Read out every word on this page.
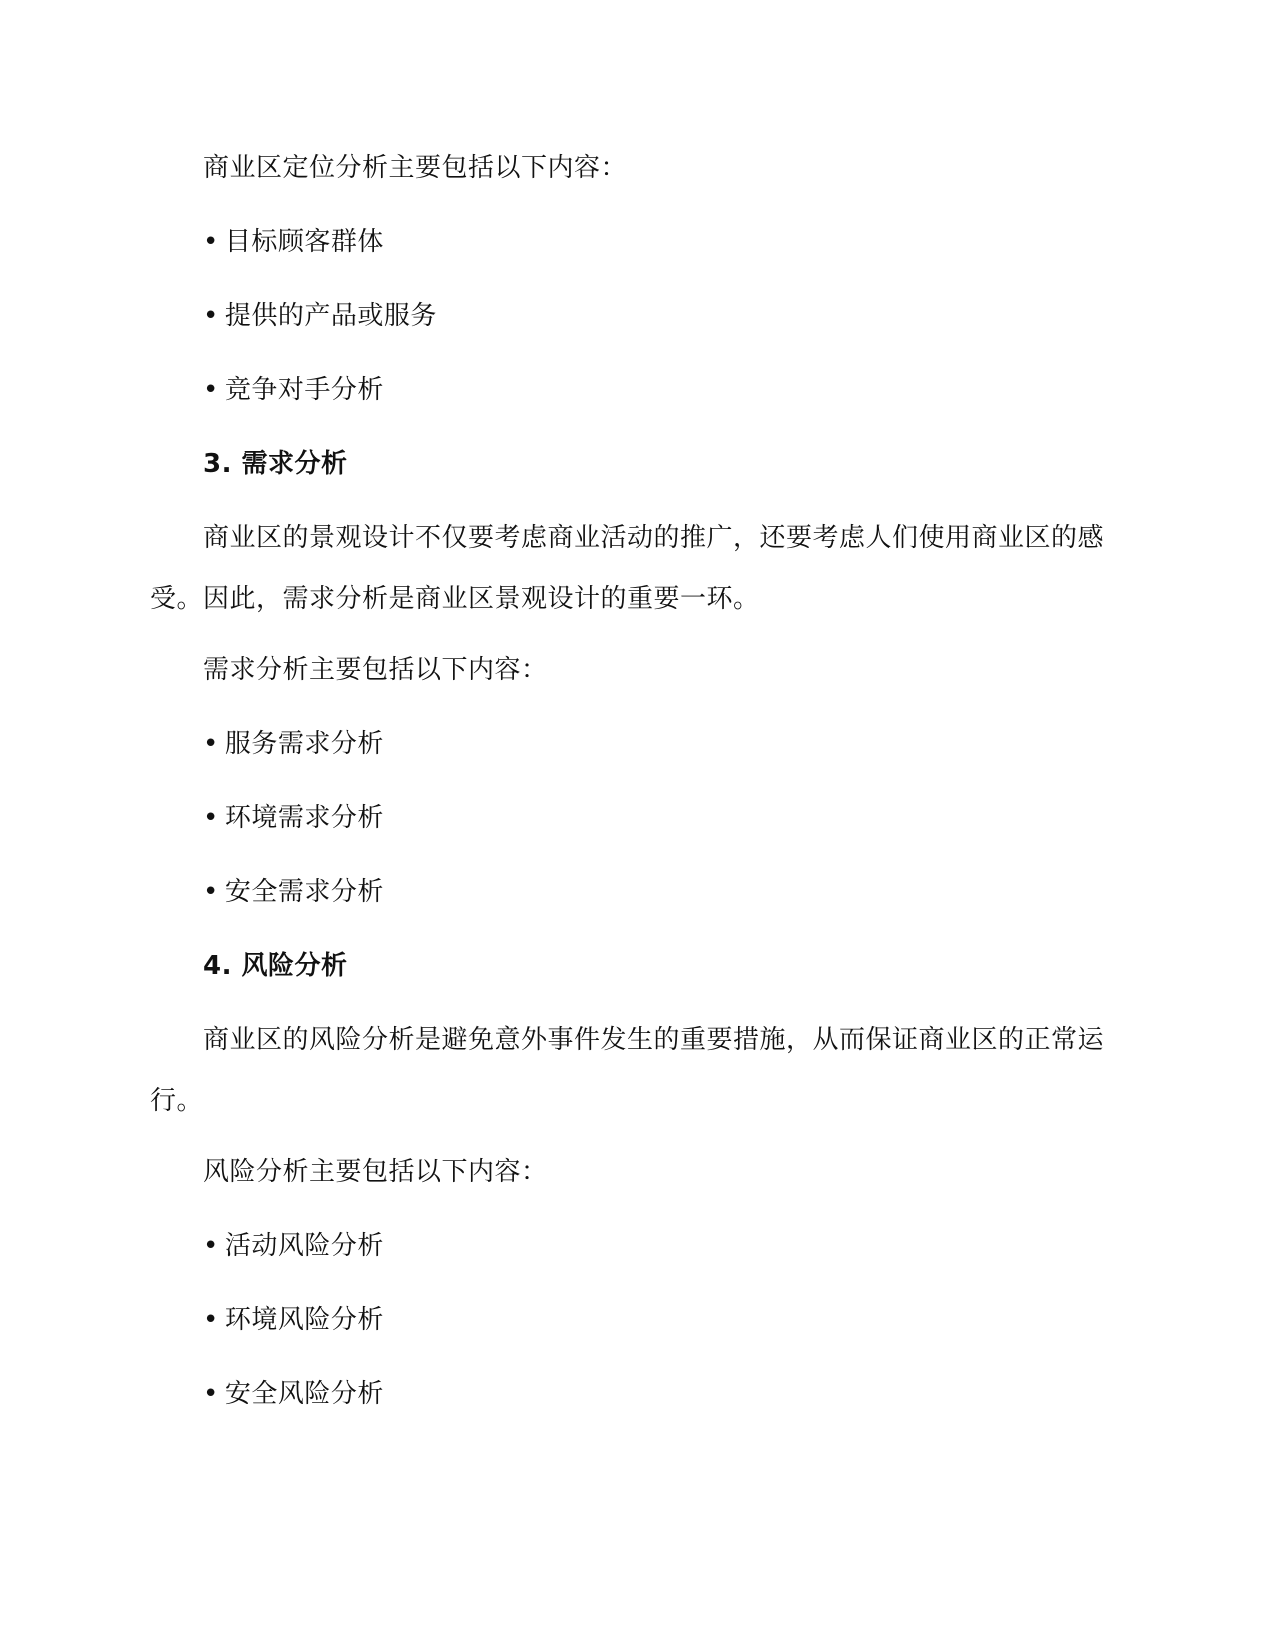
商业区定位分析主要包括以下内容：
• 目标顾客群体
• 提供的产品或服务
• 竞争对手分析
3. 需求分析
商业区的景观设计不仅要考虑商业活动的推广，还要考虑人们使用商业区的感受。因此，需求分析是商业区景观设计的重要一环。
需求分析主要包括以下内容：
• 服务需求分析
• 环境需求分析
• 安全需求分析
4. 风险分析
商业区的风险分析是避免意外事件发生的重要措施，从而保证商业区的正常运行。
风险分析主要包括以下内容：
• 活动风险分析
• 环境风险分析
• 安全风险分析
